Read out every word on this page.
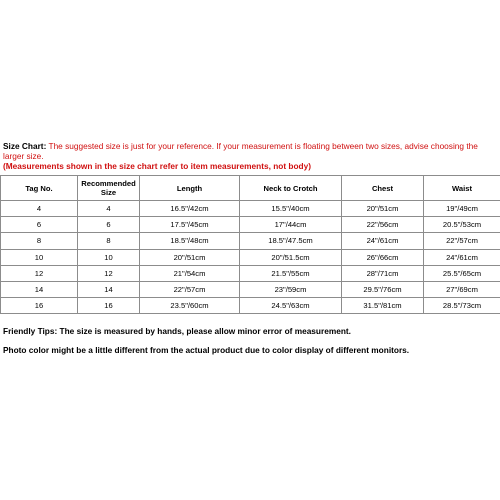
Size Chart: The suggested size is just for your reference. If your measurement is floating between two sizes, advise choosing the larger size.
(Measurements shown in the size chart refer to item measurements, not body)
Tag No.	Recommended Size	Length	Neck to Crotch	Chest	Waist
4	4	16.5"/42cm	15.5"/40cm	20"/51cm	19"/49cm
6	6	17.5"/45cm	17"/44cm	22"/56cm	20.5"/53cm
8	8	18.5"/48cm	18.5"/47.5cm	24"/61cm	22"/57cm
10	10	20"/51cm	20"/51.5cm	26"/66cm	24"/61cm
12	12	21"/54cm	21.5"/55cm	28"/71cm	25.5"/65cm
14	14	22"/57cm	23"/59cm	29.5"/76cm	27"/69cm
16	16	23.5"/60cm	24.5"/63cm	31.5"/81cm	28.5"/73cm
Friendly Tips: The size is measured by hands, please allow minor error of measurement.
Photo color might be a little different from the actual product due to color display of different monitors.
